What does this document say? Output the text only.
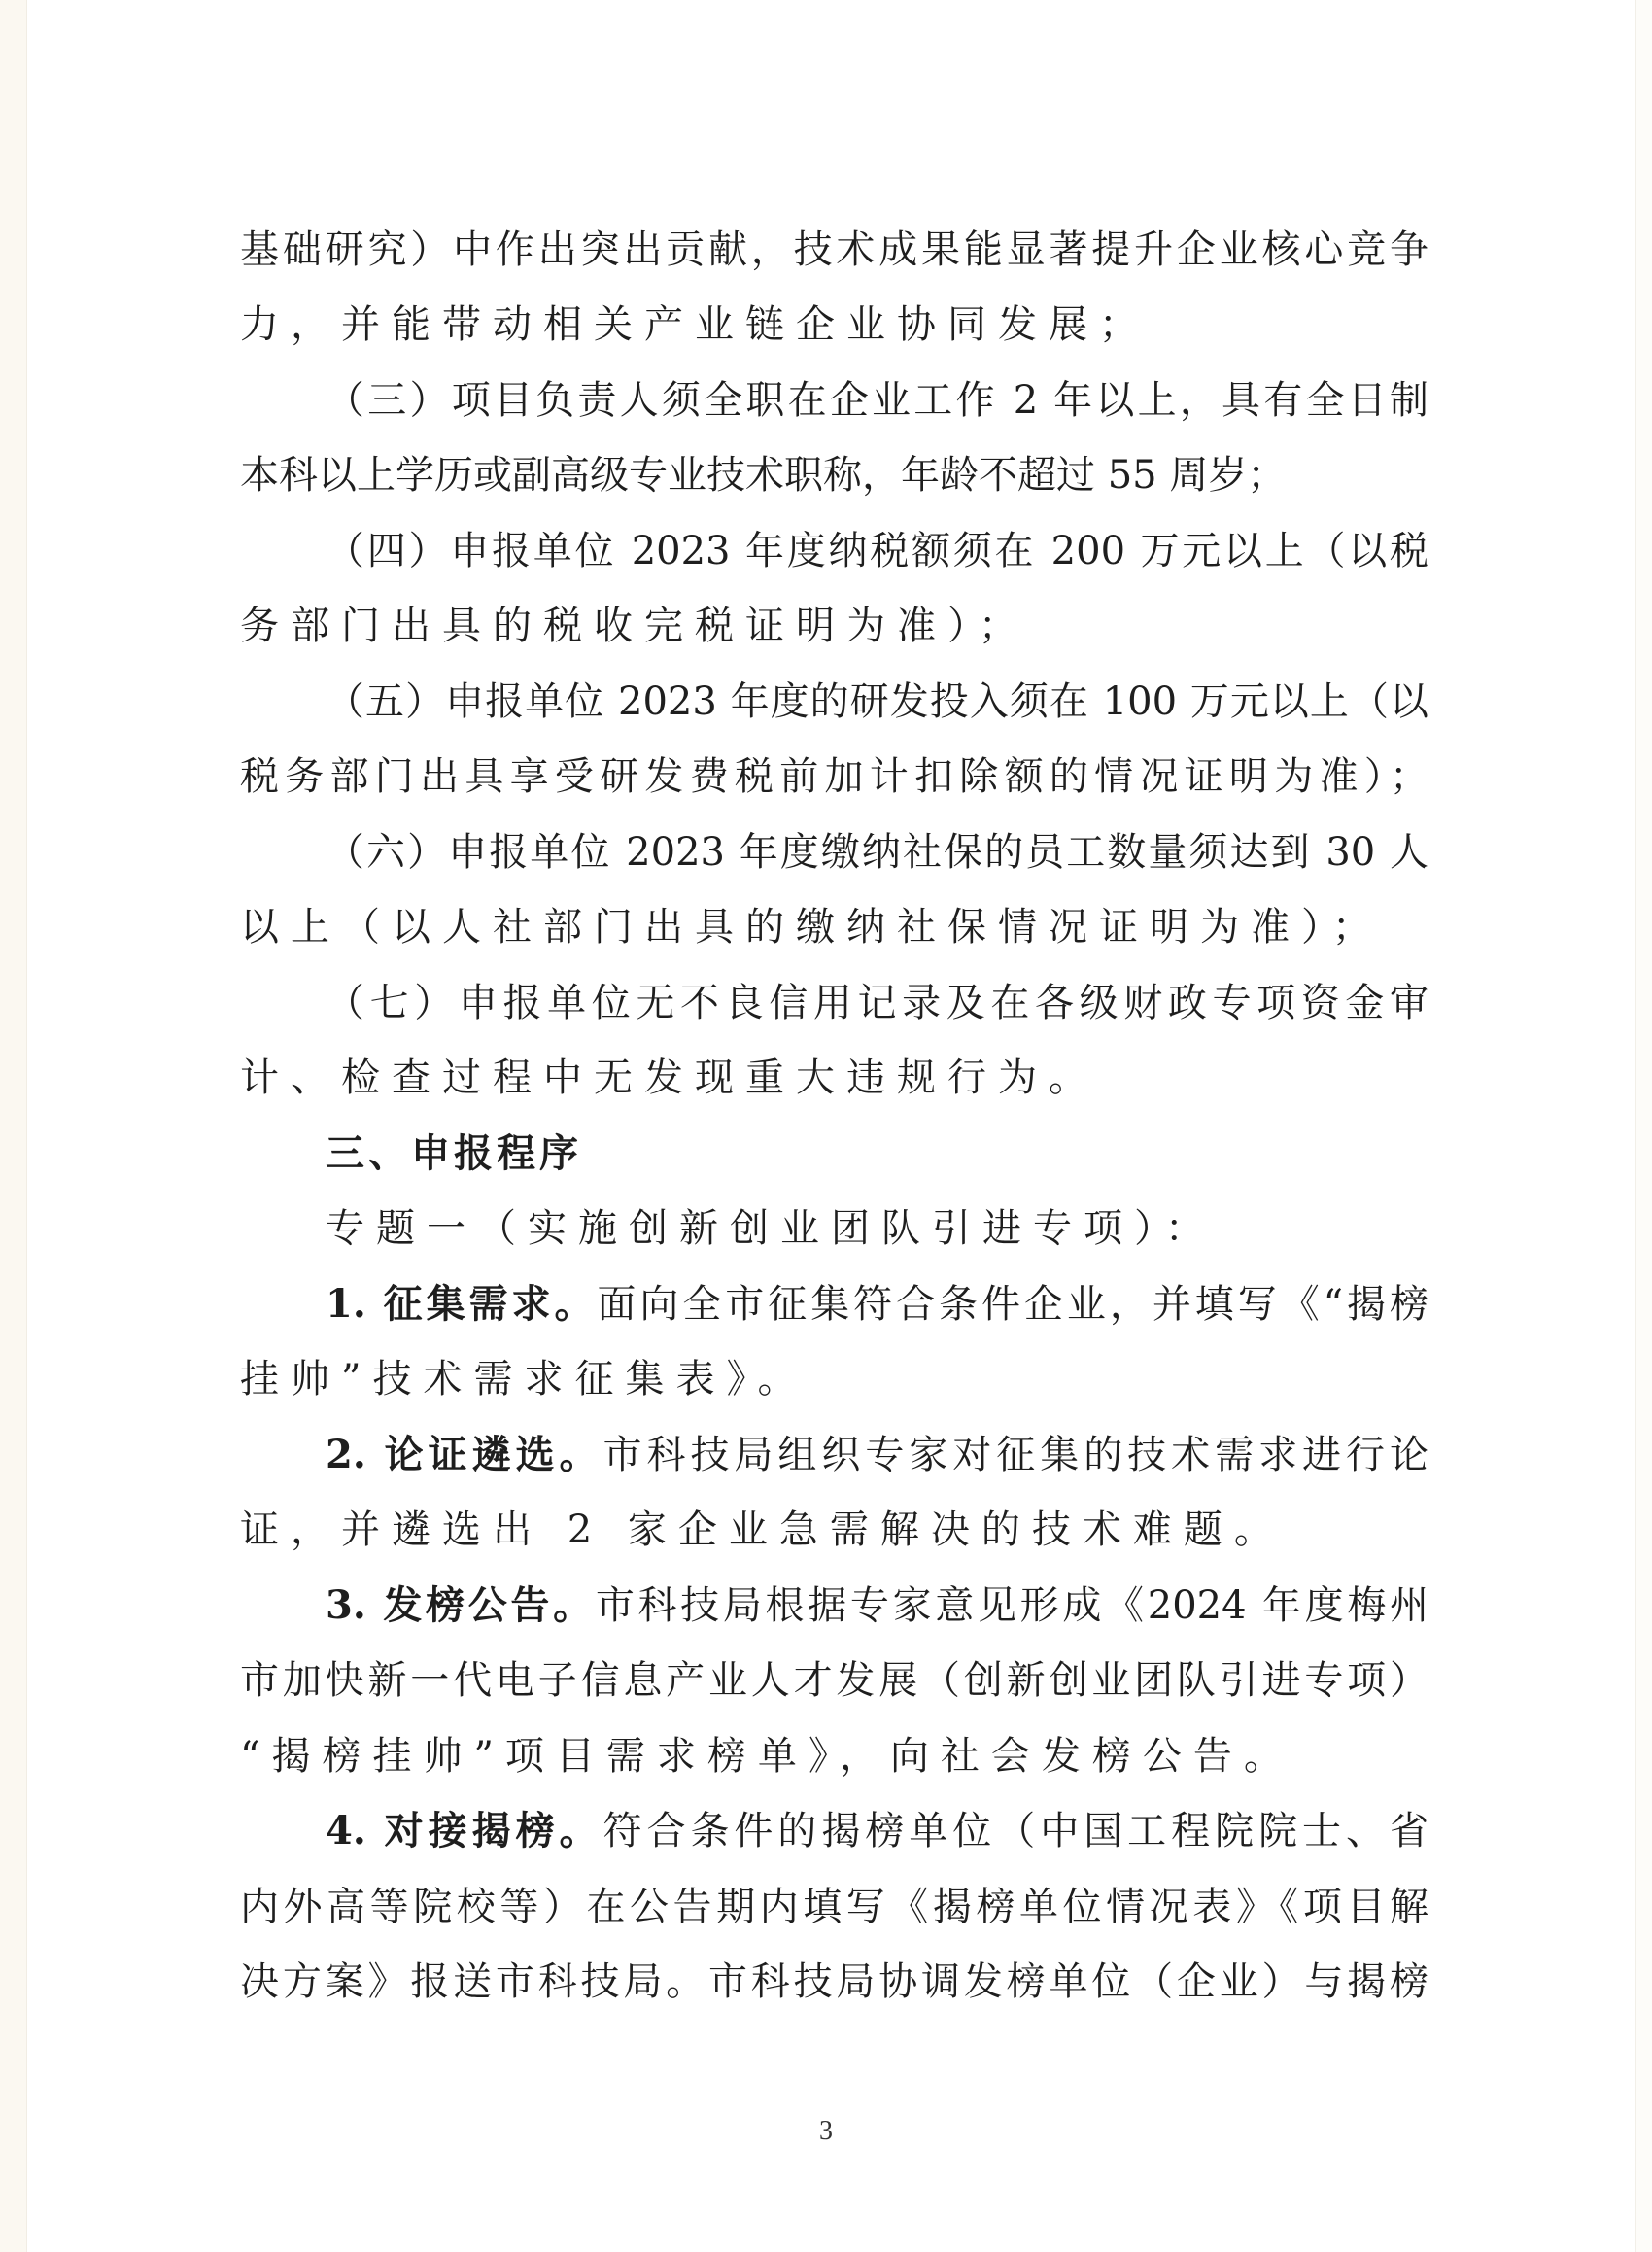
基础研究）中作出突出贡献，技术成果能显著提升企业核心竞争
力，并能带动相关产业链企业协同发展；
（三）项目负责人须全职在企业工作 2 年以上，具有全日制
本科以上学历或副高级专业技术职称，年龄不超过 55 周岁；
（四）申报单位 2023 年度纳税额须在 200 万元以上（以税
务部门出具的税收完税证明为准）；
（五）申报单位 2023 年度的研发投入须在 100 万元以上（以
税务部门出具享受研发费税前加计扣除额的情况证明为准）；
（六）申报单位 2023 年度缴纳社保的员工数量须达到 30 人
以上（以人社部门出具的缴纳社保情况证明为准）；
（七）申报单位无不良信用记录及在各级财政专项资金审
计、检查过程中无发现重大违规行为。
三、申报程序
专题一（实施创新创业团队引进专项）：
1. 征集需求。面向全市征集符合条件企业，并填写《“揭榜
挂帅”技术需求征集表》。
2. 论证遴选。市科技局组织专家对征集的技术需求进行论
证，并遴选出 2 家企业急需解决的技术难题。
3. 发榜公告。市科技局根据专家意见形成《2024 年度梅州
市加快新一代电子信息产业人才发展（创新创业团队引进专项）
“揭榜挂帅”项目需求榜单》，向社会发榜公告。
4. 对接揭榜。符合条件的揭榜单位（中国工程院院士、省
内外高等院校等）在公告期内填写《揭榜单位情况表》《项目解
决方案》报送市科技局。市科技局协调发榜单位（企业）与揭榜
3
